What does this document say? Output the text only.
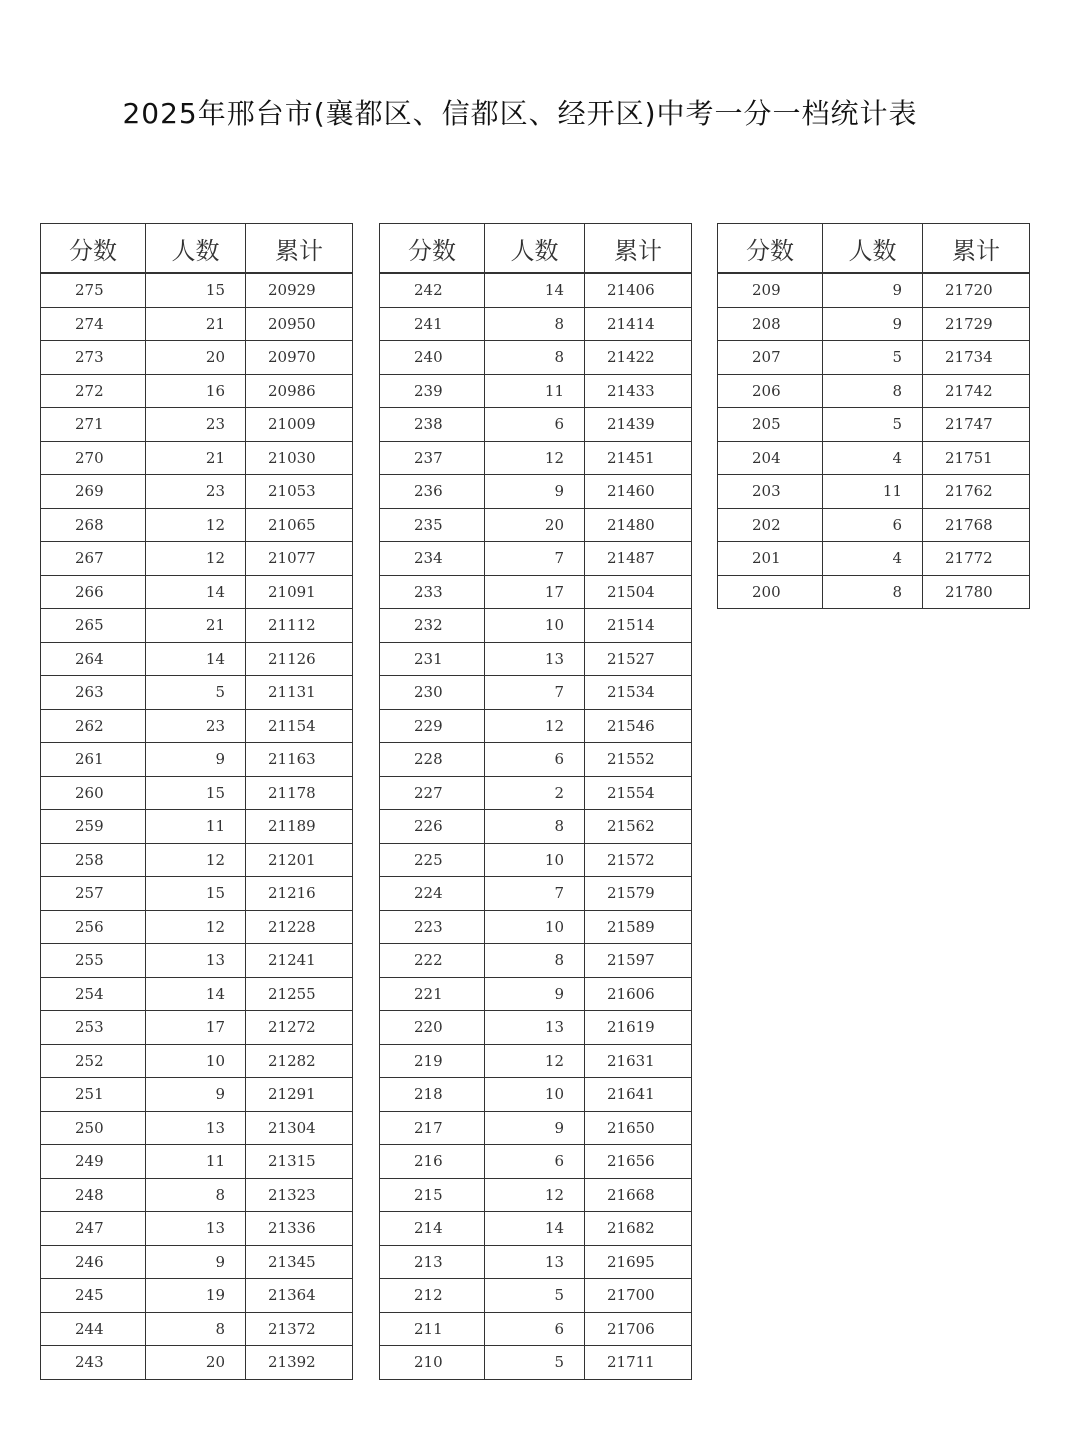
2025年邢台市(襄都区、信都区、经开区)中考一分一档统计表
分数	人数	累计
275	15	20929
274	21	20950
273	20	20970
272	16	20986
271	23	21009
270	21	21030
269	23	21053
268	12	21065
267	12	21077
266	14	21091
265	21	21112
264	14	21126
263	5	21131
262	23	21154
261	9	21163
260	15	21178
259	11	21189
258	12	21201
257	15	21216
256	12	21228
255	13	21241
254	14	21255
253	17	21272
252	10	21282
251	9	21291
250	13	21304
249	11	21315
248	8	21323
247	13	21336
246	9	21345
245	19	21364
244	8	21372
243	20	21392
分数	人数	累计
242	14	21406
241	8	21414
240	8	21422
239	11	21433
238	6	21439
237	12	21451
236	9	21460
235	20	21480
234	7	21487
233	17	21504
232	10	21514
231	13	21527
230	7	21534
229	12	21546
228	6	21552
227	2	21554
226	8	21562
225	10	21572
224	7	21579
223	10	21589
222	8	21597
221	9	21606
220	13	21619
219	12	21631
218	10	21641
217	9	21650
216	6	21656
215	12	21668
214	14	21682
213	13	21695
212	5	21700
211	6	21706
210	5	21711
分数	人数	累计
209	9	21720
208	9	21729
207	5	21734
206	8	21742
205	5	21747
204	4	21751
203	11	21762
202	6	21768
201	4	21772
200	8	21780
